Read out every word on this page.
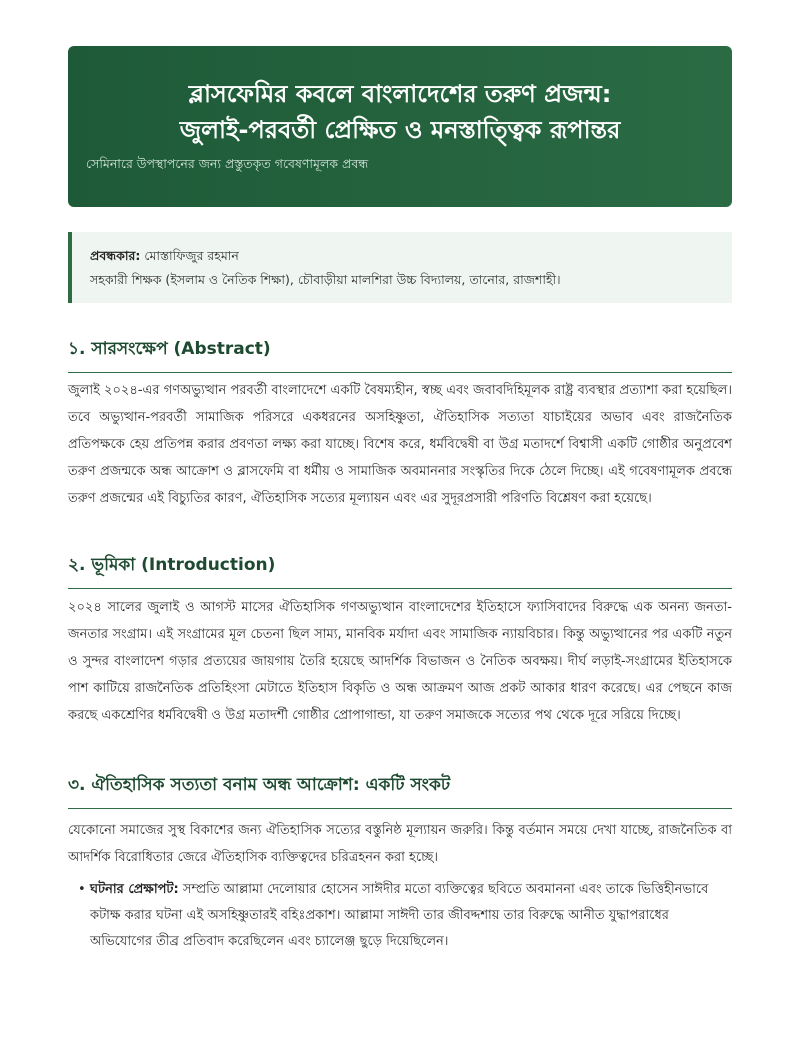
ব্লাসফেমির কবলে বাংলাদেশের তরুণ প্রজন্ম:
জুলাই-পরবর্তী প্রেক্ষিত ও মনস্তাত্ত্বিক রূপান্তর
সেমিনারে উপস্থাপনের জন্য প্রস্তুতকৃত গবেষণামূলক প্রবন্ধ
প্রবন্ধকার: মোস্তাফিজুর রহমান
সহকারী শিক্ষক (ইসলাম ও নৈতিক শিক্ষা), চৌবাড়ীয়া মালশিরা উচ্চ বিদ্যালয়, তানোর, রাজশাহী।
১. সারসংক্ষেপ (Abstract)

জুলাই ২০২৪-এর গণঅভ্যুত্থান পরবর্তী বাংলাদেশে একটি বৈষম্যহীন, স্বচ্ছ এবং জবাবদিহিমূলক রাষ্ট্র ব্যবস্থার প্রত্যাশা করা হয়েছিল। তবে অভ্যুত্থান-পরবর্তী সামাজিক পরিসরে একধরনের অসহিষ্ণুতা, ঐতিহাসিক সত্যতা যাচাইয়ের অভাব এবং রাজনৈতিক প্রতিপক্ষকে হেয় প্রতিপন্ন করার প্রবণতা লক্ষ্য করা যাচ্ছে। বিশেষ করে, ধর্মবিদ্বেষী বা উগ্র মতাদর্শে বিশ্বাসী একটি গোষ্ঠীর অনুপ্রবেশ তরুণ প্রজন্মকে অন্ধ আক্রোশ ও ব্লাসফেমি বা ধর্মীয় ও সামাজিক অবমাননার সংস্কৃতির দিকে ঠেলে দিচ্ছে। এই গবেষণামূলক প্রবন্ধে তরুণ প্রজন্মের এই বিচ্যুতির কারণ, ঐতিহাসিক সত্যের মূল্যায়ন এবং এর সুদূরপ্রসারী পরিণতি বিশ্লেষণ করা হয়েছে।

২. ভূমিকা (Introduction)

২০২৪ সালের জুলাই ও আগস্ট মাসের ঐতিহাসিক গণঅভ্যুত্থান বাংলাদেশের ইতিহাসে ফ্যাসিবাদের বিরুদ্ধে এক অনন্য জনতা-জনতার সংগ্রাম। এই সংগ্রামের মূল চেতনা ছিল সাম্য, মানবিক মর্যাদা এবং সামাজিক ন্যায়বিচার। কিন্তু অভ্যুত্থানের পর একটি নতুন ও সুন্দর বাংলাদেশ গড়ার প্রত্যয়ের জায়গায় তৈরি হয়েছে আদর্শিক বিভাজন ও নৈতিক অবক্ষয়। দীর্ঘ লড়াই-সংগ্রামের ইতিহাসকে পাশ কাটিয়ে রাজনৈতিক প্রতিহিংসা মেটাতে ইতিহাস বিকৃতি ও অন্ধ আক্রমণ আজ প্রকট আকার ধারণ করেছে। এর পেছনে কাজ করছে একশ্রেণির ধর্মবিদ্বেষী ও উগ্র মতাদর্শী গোষ্ঠীর প্রোপাগান্ডা, যা তরুণ সমাজকে সত্যের পথ থেকে দূরে সরিয়ে দিচ্ছে।

৩. ঐতিহাসিক সত্যতা বনাম অন্ধ আক্রোশ: একটি সংকট

যেকোনো সমাজের সুস্থ বিকাশের জন্য ঐতিহাসিক সত্যের বস্তুনিষ্ঠ মূল্যায়ন জরুরি। কিন্তু বর্তমান সময়ে দেখা যাচ্ছে, রাজনৈতিক বা আদর্শিক বিরোধিতার জেরে ঐতিহাসিক ব্যক্তিত্বদের চরিত্রহনন করা হচ্ছে।

• ঘটনার প্রেক্ষাপট: সম্প্রতি আল্লামা দেলোয়ার হোসেন সাঈদীর মতো ব্যক্তিত্বের ছবিতে অবমাননা এবং তাকে ভিত্তিহীনভাবে কটাক্ষ করার ঘটনা এই অসহিষ্ণুতারই বহিঃপ্রকাশ। আল্লামা সাঈদী তার জীবদ্দশায় তার বিরুদ্ধে আনীত যুদ্ধাপরাধের অভিযোগের তীব্র প্রতিবাদ করেছিলেন এবং চ্যালেঞ্জ ছুড়ে দিয়েছিলেন।
